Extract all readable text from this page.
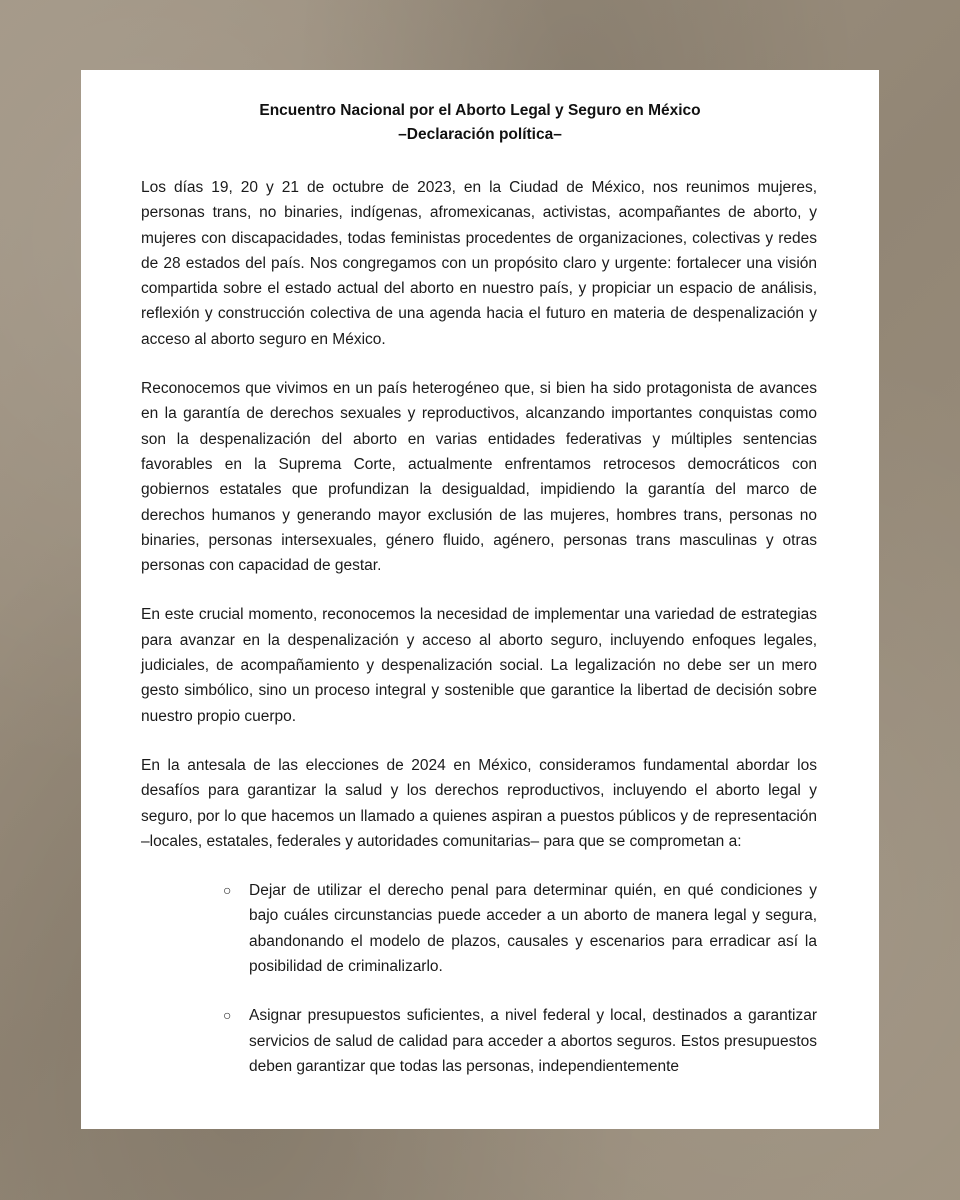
Encuentro Nacional por el Aborto Legal y Seguro en México
–Declaración política–

Los días 19, 20 y 21 de octubre de 2023, en la Ciudad de México, nos reunimos mujeres, personas trans, no binaries, indígenas, afromexicanas, activistas, acompañantes de aborto, y mujeres con discapacidades, todas feministas procedentes de organizaciones, colectivas y redes de 28 estados del país. Nos congregamos con un propósito claro y urgente: fortalecer una visión compartida sobre el estado actual del aborto en nuestro país, y propiciar un espacio de análisis, reflexión y construcción colectiva de una agenda hacia el futuro en materia de despenalización y acceso al aborto seguro en México.

Reconocemos que vivimos en un país heterogéneo que, si bien ha sido protagonista de avances en la garantía de derechos sexuales y reproductivos, alcanzando importantes conquistas como son la despenalización del aborto en varias entidades federativas y múltiples sentencias favorables en la Suprema Corte, actualmente enfrentamos retrocesos democráticos con gobiernos estatales que profundizan la desigualdad, impidiendo la garantía del marco de derechos humanos y generando mayor exclusión de las mujeres, hombres trans, personas no binaries, personas intersexuales, género fluido, agénero, personas trans masculinas y otras personas con capacidad de gestar.

En este crucial momento, reconocemos la necesidad de implementar una variedad de estrategias para avanzar en la despenalización y acceso al aborto seguro, incluyendo enfoques legales, judiciales, de acompañamiento y despenalización social. La legalización no debe ser un mero gesto simbólico, sino un proceso integral y sostenible que garantice la libertad de decisión sobre nuestro propio cuerpo.

En la antesala de las elecciones de 2024 en México, consideramos fundamental abordar los desafíos para garantizar la salud y los derechos reproductivos, incluyendo el aborto legal y seguro, por lo que hacemos un llamado a quienes aspiran a puestos públicos y de representación –locales, estatales, federales y autoridades comunitarias– para que se comprometan a:

○ Dejar de utilizar el derecho penal para determinar quién, en qué condiciones y bajo cuáles circunstancias puede acceder a un aborto de manera legal y segura, abandonando el modelo de plazos, causales y escenarios para erradicar así la posibilidad de criminalizarlo.
○ Asignar presupuestos suficientes, a nivel federal y local, destinados a garantizar servicios de salud de calidad para acceder a abortos seguros. Estos presupuestos deben garantizar que todas las personas, independientemente
